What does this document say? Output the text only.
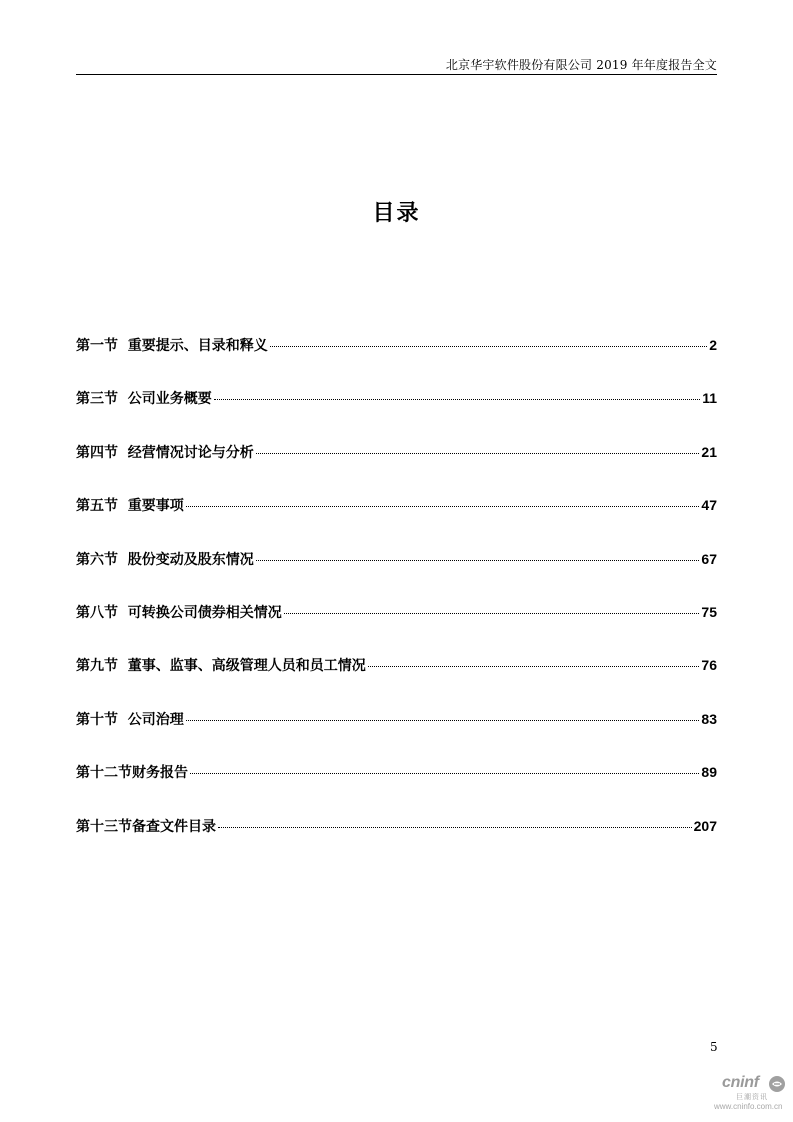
北京华宇软件股份有限公司 2019 年年度报告全文
目录
第一节  重要提示、目录和释义	2
第三节  公司业务概要	11
第四节  经营情况讨论与分析	21
第五节  重要事项	47
第六节  股份变动及股东情况	67
第八节  可转换公司债券相关情况	75
第九节  董事、监事、高级管理人员和员工情况	76
第十节  公司治理	83
第十二节财务报告	89
第十三节备查文件目录	207
5
cninf
巨潮资讯
www.cninfo.com.cn
